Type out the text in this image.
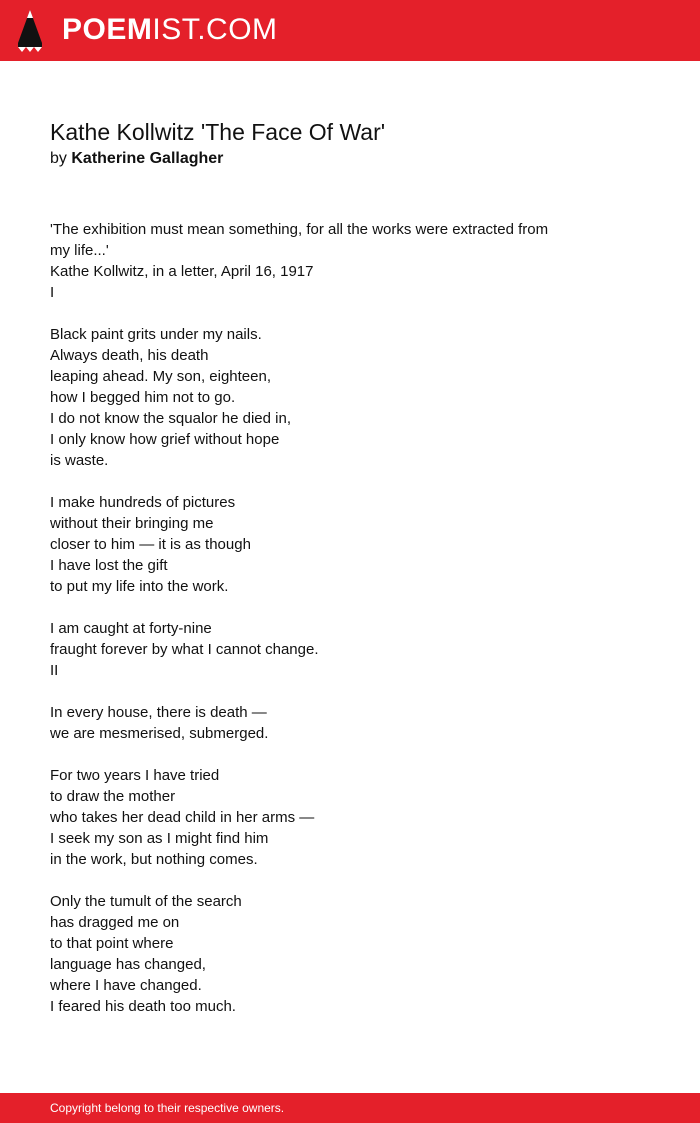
POEMIST.COM
Kathe Kollwitz 'The Face Of War'
by Katherine Gallagher
'The exhibition must mean something, for all the works were extracted from
my life...'
Kathe Kollwitz, in a letter, April 16, 1917
I
Black paint grits under my nails.
Always death, his death
leaping ahead. My son, eighteen,
how I begged him not to go.
I do not know the squalor he died in,
I only know how grief without hope
is waste.
I make hundreds of pictures
without their bringing me
closer to him — it is as though
I have lost the gift
to put my life into the work.
I am caught at forty-nine
fraught forever by what I cannot change.
II
In every house, there is death —
we are mesmerised, submerged.
For two years I have tried
to draw the mother
who takes her dead child in her arms —
I seek my son as I might find him
in the work, but nothing comes.
Only the tumult of the search
has dragged me on
to that point where
language has changed,
where I have changed.
I feared his death too much.
Copyright belong to their respective owners.
